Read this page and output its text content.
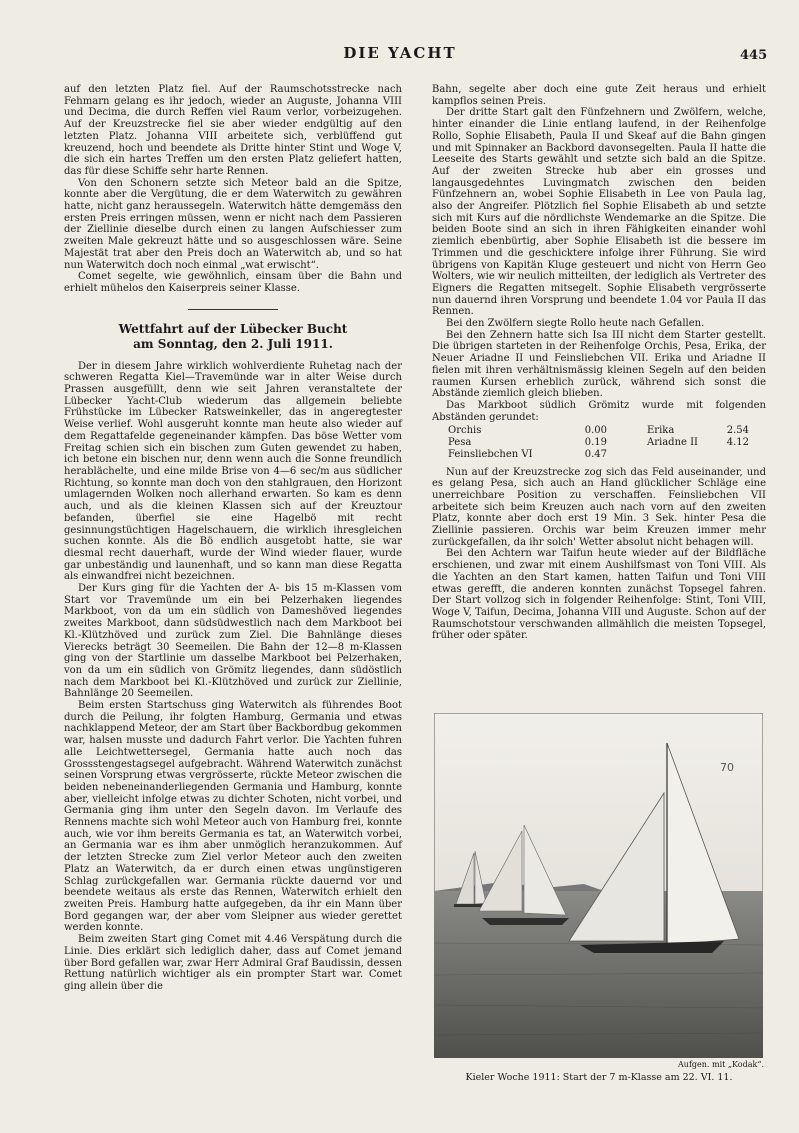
DIE YACHT	445

auf den letzten Platz fiel. Auf der Raumschotsstrecke nach Fehmarn gelang es ihr jedoch, wieder an Auguste, Johanna VIII und Decima, die durch Reffen viel Raum verlor, vorbeizugehen. Auf der Kreuzstrecke fiel sie aber wieder endgültig auf den letzten Platz. Johanna VIII arbeitete sich, verblüffend gut kreuzend, hoch und beendete als Dritte hinter Stint und Woge V, die sich ein hartes Treffen um den ersten Platz geliefert hatten, das für diese Schiffe sehr harte Rennen.

Von den Schonern setzte sich Meteor bald an die Spitze, konnte aber die Vergütung, die er dem Waterwitch zu gewähren hatte, nicht ganz heraussegeln. Waterwitch hätte demgemäss den ersten Preis erringen müssen, wenn er nicht nach dem Passieren der Ziellinie dieselbe durch einen zu langen Aufschiesser zum zweiten Male gekreuzt hätte und so ausgeschlossen wäre. Seine Majestät trat aber den Preis doch an Waterwitch ab, und so hat nun Waterwitch doch noch einmal „wat erwischt“.

Comet segelte, wie gewöhnlich, einsam über die Bahn und erhielt mühelos den Kaiserpreis seiner Klasse.

Wettfahrt auf der Lübecker Bucht
am Sonntag, den 2. Juli 1911.

Der in diesem Jahre wirklich wohlverdiente Ruhetag nach der schweren Regatta Kiel—Travemünde war in alter Weise durch Prassen ausgefüllt, denn wie seit Jahren veranstaltete der Lübecker Yacht-Club wiederum das allgemein beliebte Frühstücke im Lübecker Ratsweinkeller, das in angeregtester Weise verlief. Wohl ausgeruht konnte man heute also wieder auf dem Regattafelde gegeneinander kämpfen. Das böse Wetter vom Freitag schien sich ein bischen zum Guten gewendet zu haben, ich betone ein bischen nur, denn wenn auch die Sonne freundlich herablächelte, und eine milde Brise von 4—6 sec/m aus südlicher Richtung, so konnte man doch von den stahlgrauen, den Horizont umlagernden Wolken noch allerhand erwarten. So kam es denn auch, und als die kleinen Klassen sich auf der Kreuztour befanden, überfiel sie eine Hagelbö mit recht gesinnungstüchtigen Hagelschauern, die wirklich ihresgleichen suchen konnte. Als die Bö endlich ausgetobt hatte, sie war diesmal recht dauerhaft, wurde der Wind wieder flauer, wurde gar unbeständig und launenhaft, und so kann man diese Regatta als einwandfrei nicht bezeichnen.

Der Kurs ging für die Yachten der A- bis 15 m-Klassen vom Start vor Travemünde um ein bei Pelzerhaken liegendes Markboot, von da um ein südlich von Dameshöved liegendes zweites Markboot, dann südsüdwestlich nach dem Markboot bei Kl.-Klützhöved und zurück zum Ziel. Die Bahnlänge dieses Vierecks beträgt 30 Seemeilen. Die Bahn der 12—8 m-Klassen ging von der Startlinie um dasselbe Markboot bei Pelzerhaken, von da um ein südlich von Grömitz liegendes, dann südöstlich nach dem Markboot bei Kl.-Klützhöved und zurück zur Ziellinie, Bahnlänge 20 Seemeilen.

Beim ersten Startschuss ging Waterwitch als führendes Boot durch die Peilung, ihr folgten Hamburg, Germania und etwas nachklappend Meteor, der am Start über Backbordbug gekommen war, halsen musste und dadurch Fahrt verlor. Die Yachten fuhren alle Leichtwettersegel, Germania hatte auch noch das Grossstengestagsegel aufgebracht. Während Waterwitch zunächst seinen Vorsprung etwas vergrösserte, rückte Meteor zwischen die beiden nebeneinanderliegenden Germania und Hamburg, konnte aber, vielleicht infolge etwas zu dichter Schoten, nicht vorbei, und Germania ging ihm unter den Segeln davon. Im Verlaufe des Rennens machte sich wohl Meteor auch von Hamburg frei, konnte auch, wie vor ihm bereits Germania es tat, an Waterwitch vorbei, an Germania war es ihm aber unmöglich heranzukommen. Auf der letzten Strecke zum Ziel verlor Meteor auch den zweiten Platz an Waterwitch, da er durch einen etwas ungünstigeren Schlag zurückgefallen war. Germania rückte dauernd vor und beendete weitaus als erste das Rennen, Waterwitch erhielt den zweiten Preis. Hamburg hatte aufgegeben, da ihr ein Mann über Bord gegangen war, der aber vom Sleipner aus wieder gerettet werden konnte.

Beim zweiten Start ging Comet mit 4.46 Verspätung durch die Linie. Dies erklärt sich lediglich daher, dass auf Comet jemand über Bord gefallen war, zwar Herr Admiral Graf Baudissin, dessen Rettung natürlich wichtiger als ein prompter Start war. Comet ging allein über die

Bahn, segelte aber doch eine gute Zeit heraus und erhielt kampflos seinen Preis.

Der dritte Start galt den Fünfzehnern und Zwölfern, welche, hinter einander die Linie entlang laufend, in der Reihenfolge Rollo, Sophie Elisabeth, Paula II und Skeaf auf die Bahn gingen und mit Spinnaker an Backbord davonsegelten. Paula II hatte die Leeseite des Starts gewählt und setzte sich bald an die Spitze. Auf der zweiten Strecke hub aber ein grosses und langausgedehntes Luvingmatch zwischen den beiden Fünfzehnern an, wobei Sophie Elisabeth in Lee von Paula lag, also der Angreifer. Plötzlich fiel Sophie Elisabeth ab und setzte sich mit Kurs auf die nördlichste Wendemarke an die Spitze. Die beiden Boote sind an sich in ihren Fähigkeiten einander wohl ziemlich ebenbürtig, aber Sophie Elisabeth ist die bessere im Trimmen und die geschicktere infolge ihrer Führung. Sie wird übrigens von Kapitän Kluge gesteuert und nicht von Herrn Geo Wolters, wie wir neulich mitteilten, der lediglich als Vertreter des Eigners die Regatten mitsegelt. Sophie Elisabeth vergrösserte nun dauernd ihren Vorsprung und beendete 1.04 vor Paula II das Rennen.

Bei den Zwölfern siegte Rollo heute nach Gefallen.

Bei den Zehnern hatte sich Isa III nicht dem Starter gestellt. Die übrigen starteten in der Reihenfolge Orchis, Pesa, Erika, der Neuer Ariadne II und Feinsliebchen VII. Erika und Ariadne II fielen mit ihren verhältnismässig kleinen Segeln auf den beiden raumen Kursen erheblich zurück, während sich sonst die Abstände ziemlich gleich blieben.

Das Markboot südlich Grömitz wurde mit folgenden Abständen gerundet:

Orchis	0.00	Erika	2.54
Pesa	0.19	Ariadne II	4.12
Feinsliebchen VI	0.47

Nun auf der Kreuzstrecke zog sich das Feld auseinander, und es gelang Pesa, sich auch an Hand glücklicher Schläge eine unerreichbare Position zu verschaffen. Feinsliebchen VII arbeitete sich beim Kreuzen auch nach vorn auf den zweiten Platz, konnte aber doch erst 19 Min. 3 Sek. hinter Pesa die Ziellinie passieren. Orchis war beim Kreuzen immer mehr zurückgefallen, da ihr solch' Wetter absolut nicht behagen will.

Bei den Achtern war Taifun heute wieder auf der Bildfläche erschienen, und zwar mit einem Aushilfsmast von Toni VIII. Als die Yachten an den Start kamen, hatten Taifun und Toni VIII etwas gerefft, die anderen konnten zunächst Topsegel fahren. Der Start vollzog sich in folgender Reihenfolge: Stint, Toni VIII, Woge V, Taifun, Decima, Johanna VIII und Auguste. Schon auf der Raumschotstour verschwanden allmählich die meisten Topsegel, früher oder später.

70
Aufgen. mit „Kodak“.
Kieler Woche 1911: Start der 7 m-Klasse am 22. VI. 11.
